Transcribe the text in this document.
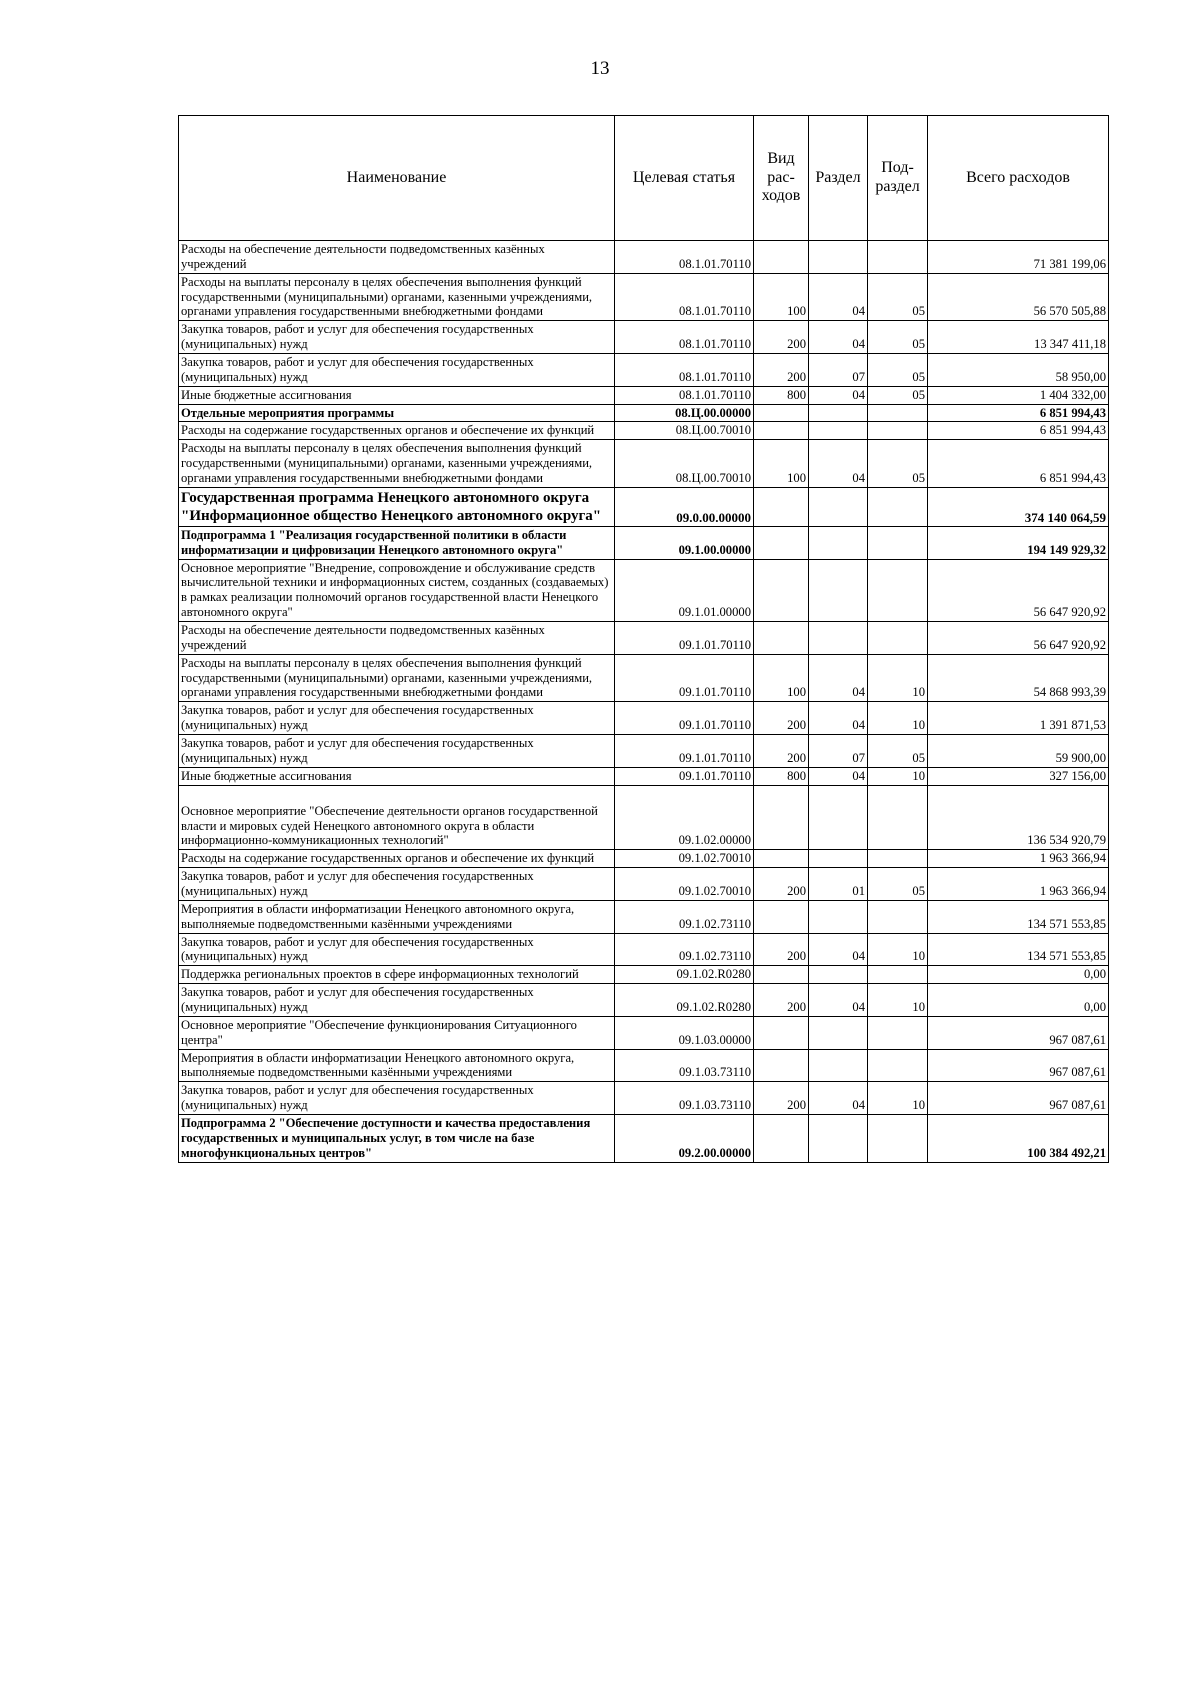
13
Наименование	Целевая статья	Вид рас-ходов	Раздел	Под-раздел	Всего расходов
Расходы на обеспечение деятельности подведомственных казённых учреждений	08.1.01.70110				71 381 199,06
Расходы на выплаты персоналу в целях обеспечения выполнения функций государственными (муниципальными) органами, казенными учреждениями, органами управления государственными внебюджетными фондами	08.1.01.70110	100	04	05	56 570 505,88
Закупка товаров, работ и услуг для обеспечения государственных (муниципальных) нужд	08.1.01.70110	200	04	05	13 347 411,18
Закупка товаров, работ и услуг для обеспечения государственных (муниципальных) нужд	08.1.01.70110	200	07	05	58 950,00
Иные бюджетные ассигнования	08.1.01.70110	800	04	05	1 404 332,00
Отдельные мероприятия программы	08.Ц.00.00000				6 851 994,43
Расходы на содержание государственных органов и обеспечение их функций	08.Ц.00.70010				6 851 994,43
Расходы на выплаты персоналу в целях обеспечения выполнения функций государственными (муниципальными) органами, казенными учреждениями, органами управления государственными внебюджетными фондами	08.Ц.00.70010	100	04	05	6 851 994,43
Государственная программа Ненецкого автономного округа "Информационное общество Ненецкого автономного округа"	09.0.00.00000				374 140 064,59
Подпрограмма 1 "Реализация государственной политики в области информатизации и цифровизации Ненецкого автономного округа"	09.1.00.00000				194 149 929,32
Основное мероприятие "Внедрение, сопровождение и обслуживание средств вычислительной техники и информационных систем, созданных (создаваемых) в рамках реализации полномочий органов государственной власти Ненецкого автономного округа"	09.1.01.00000				56 647 920,92
Расходы на обеспечение деятельности подведомственных казённых учреждений	09.1.01.70110				56 647 920,92
Расходы на выплаты персоналу в целях обеспечения выполнения функций государственными (муниципальными) органами, казенными учреждениями, органами управления государственными внебюджетными фондами	09.1.01.70110	100	04	10	54 868 993,39
Закупка товаров, работ и услуг для обеспечения государственных (муниципальных) нужд	09.1.01.70110	200	04	10	1 391 871,53
Закупка товаров, работ и услуг для обеспечения государственных (муниципальных) нужд	09.1.01.70110	200	07	05	59 900,00
Иные бюджетные ассигнования	09.1.01.70110	800	04	10	327 156,00
Основное мероприятие "Обеспечение деятельности органов государственной власти и мировых судей Ненецкого автономного округа в области информационно-коммуникационных технологий"	09.1.02.00000				136 534 920,79
Расходы на содержание государственных органов и обеспечение их функций	09.1.02.70010				1 963 366,94
Закупка товаров, работ и услуг для обеспечения государственных (муниципальных) нужд	09.1.02.70010	200	01	05	1 963 366,94
Мероприятия в области информатизации Ненецкого автономного округа, выполняемые подведомственными казёнными учреждениями	09.1.02.73110				134 571 553,85
Закупка товаров, работ и услуг для обеспечения государственных (муниципальных) нужд	09.1.02.73110	200	04	10	134 571 553,85
Поддержка региональных проектов в сфере информационных технологий	09.1.02.R0280				0,00
Закупка товаров, работ и услуг для обеспечения государственных (муниципальных) нужд	09.1.02.R0280	200	04	10	0,00
Основное мероприятие "Обеспечение функционирования Ситуационного центра"	09.1.03.00000				967 087,61
Мероприятия в области информатизации Ненецкого автономного округа, выполняемые подведомственными казёнными учреждениями	09.1.03.73110				967 087,61
Закупка товаров, работ и услуг для обеспечения государственных (муниципальных) нужд	09.1.03.73110	200	04	10	967 087,61
Подпрограмма 2 "Обеспечение доступности и качества предоставления государственных и муниципальных услуг, в том числе на базе многофункциональных центров"	09.2.00.00000				100 384 492,21
